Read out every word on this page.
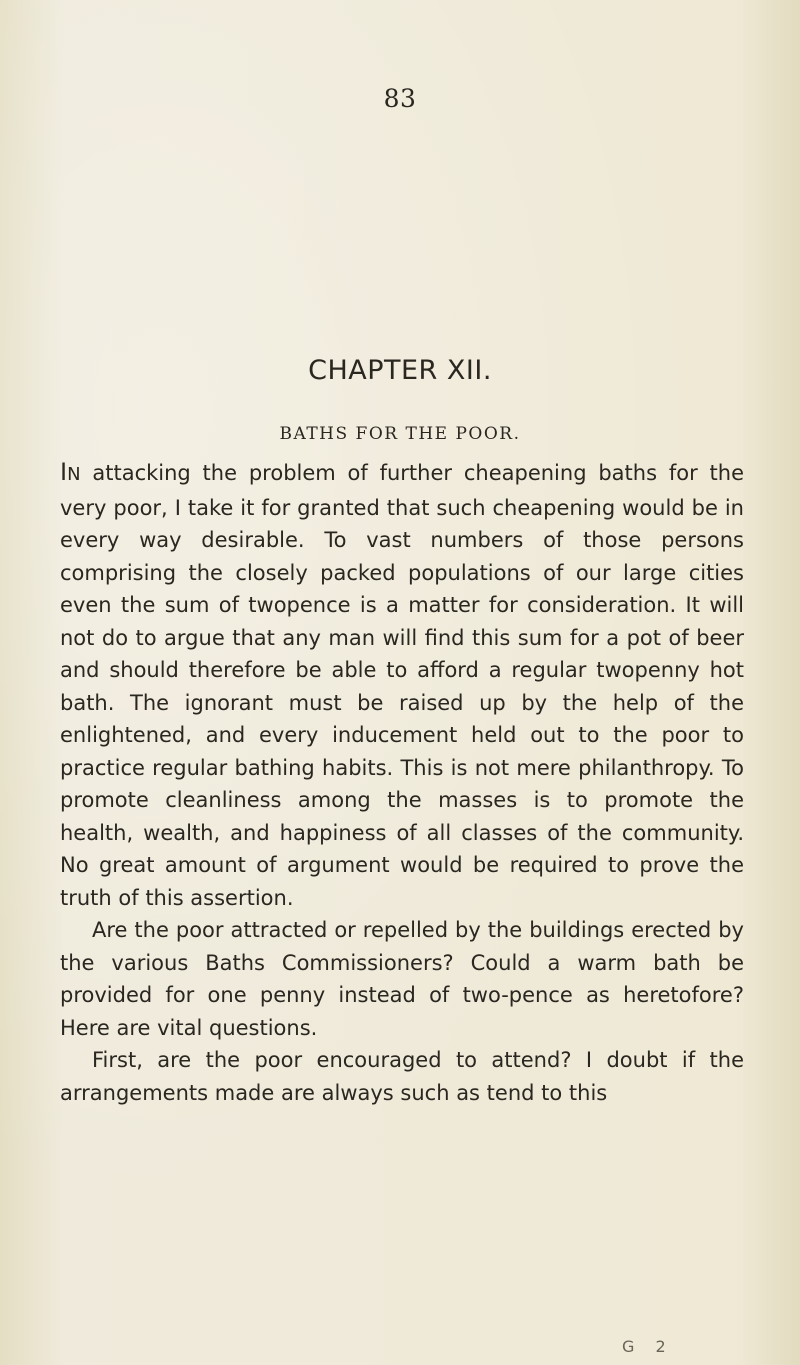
83
CHAPTER XII.
BATHS FOR THE POOR.

IN attacking the problem of further cheapening baths for the very poor, I take it for granted that such cheapening would be in every way desirable. To vast numbers of those persons comprising the closely packed populations of our large cities even the sum of twopence is a matter for consideration. It will not do to argue that any man will find this sum for a pot of beer and should therefore be able to afford a regular twopenny hot bath. The ignorant must be raised up by the help of the enlightened, and every inducement held out to the poor to practice regular bathing habits. This is not mere philanthropy. To promote cleanliness among the masses is to promote the health, wealth, and happiness of all classes of the community. No great amount of argument would be required to prove the truth of this assertion.

Are the poor attracted or repelled by the buildings erected by the various Baths Commissioners? Could a warm bath be provided for one penny instead of two-pence as heretofore? Here are vital questions.

First, are the poor encouraged to attend? I doubt if the arrangements made are always such as tend to this

G 2
